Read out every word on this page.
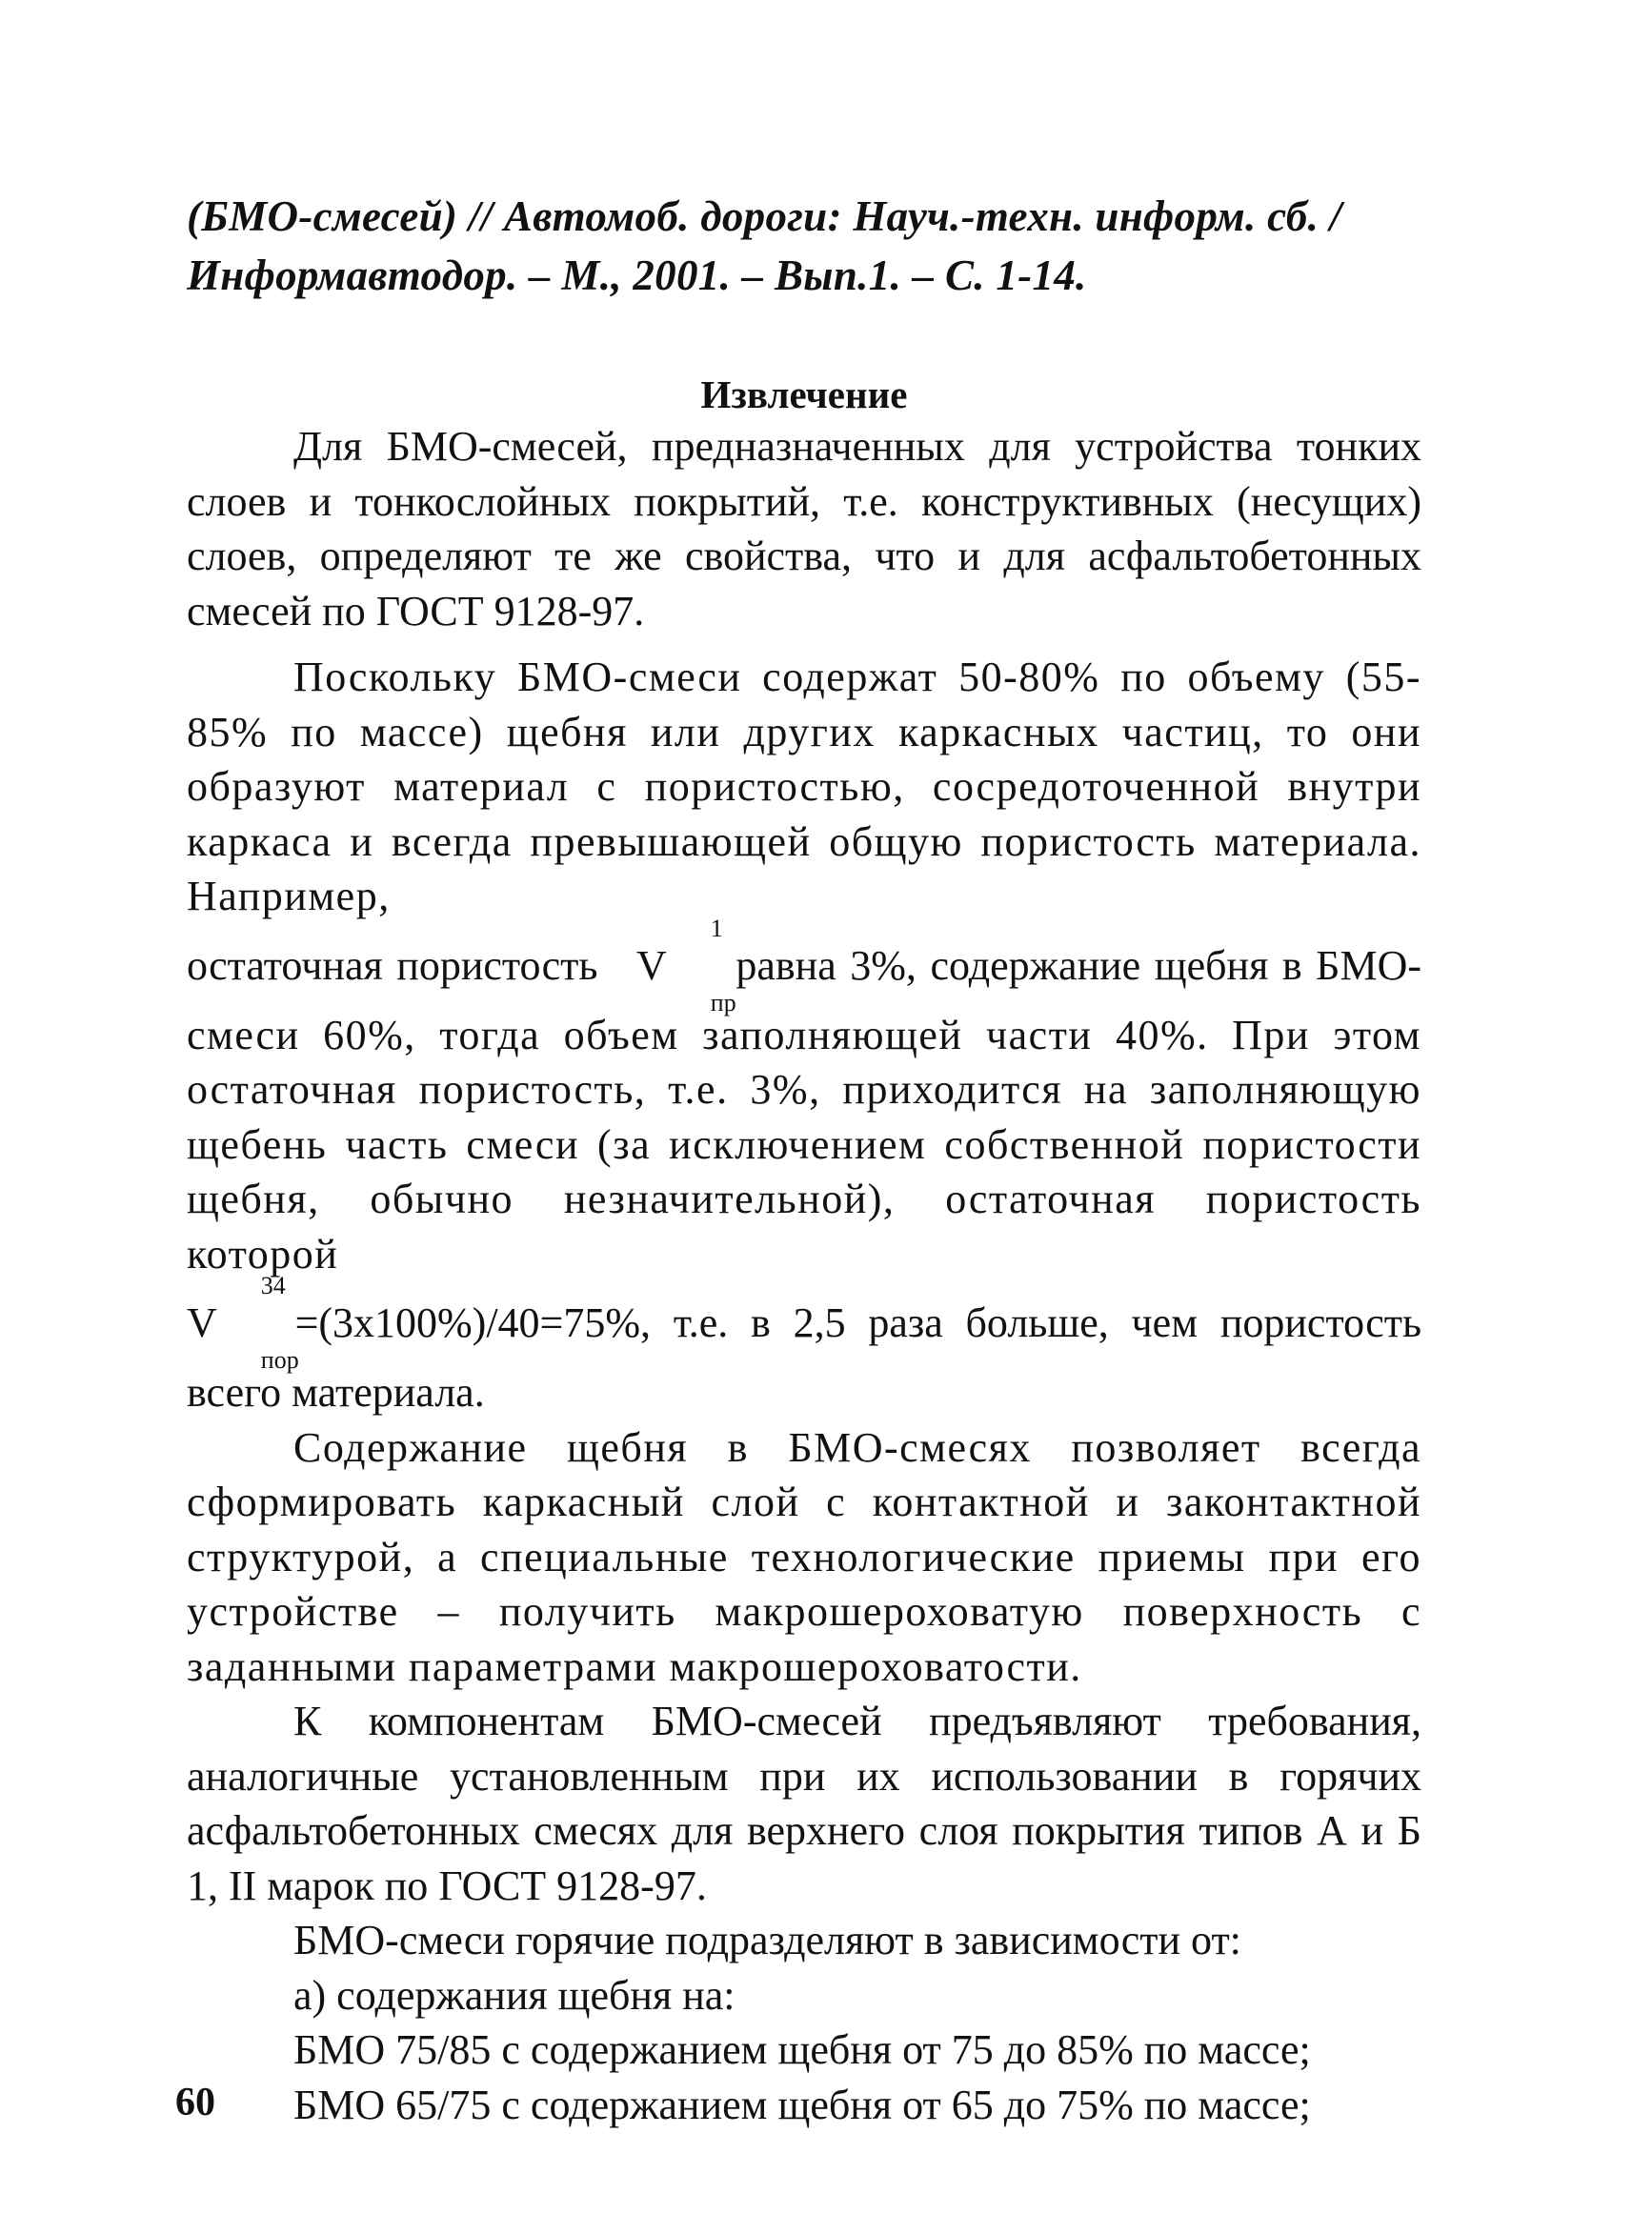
(БМО-смесей) // Автомоб. дороги: Науч.-техн. информ. сб. /

Информавтодор. – М., 2001. – Вып.1. – С. 1-14.

Извлечение

Для БМО-смесей, предназначенных для устройства тонких слоев и тонкослойных покрытий, т.е. конструктивных (несущих) слоев, определяют те же свойства, что и для асфальтобетонных смесей по ГОСТ 9128-97.

Поскольку БМО-смеси содержат 50-80% по объему (55-85% по массе) щебня или других каркасных частиц, то они образуют материал с пористостью, сосредоточенной внутри каркаса и всегда превышающей общую пористость материала. Например,

остаточная пористость V
1
пр
равна 3%, содержание щебня в БМО-

смеси 60%, тогда объем заполняющей части 40%. При этом остаточная пористость, т.е. 3%, приходится на заполняющую щебень часть смеси (за исключением собственной пористости щебня, обычно незначительной), остаточная пористость которой

V
34
пор
=(3х100%)/40=75%, т.е. в 2,5 раза больше, чем пористость

всего материала.

Содержание щебня в БМО-смесях позволяет всегда сформировать каркасный слой с контактной и законтактной структурой, а специальные технологические приемы при его устройстве – получить макрошероховатую поверхность с заданными параметрами макрошероховатости.

К компонентам БМО-смесей предъявляют требования, аналогичные установленным при их использовании в горячих асфальтобетонных смесях для верхнего слоя покрытия типов А и Б 1, II марок по ГОСТ 9128-97.

БМО-смеси горячие подразделяют в зависимости от:

а) содержания щебня на:

БМО 75/85 с содержанием щебня от 75 до 85% по массе;

БМО 65/75 с содержанием щебня от 65 до 75% по массе;

60
